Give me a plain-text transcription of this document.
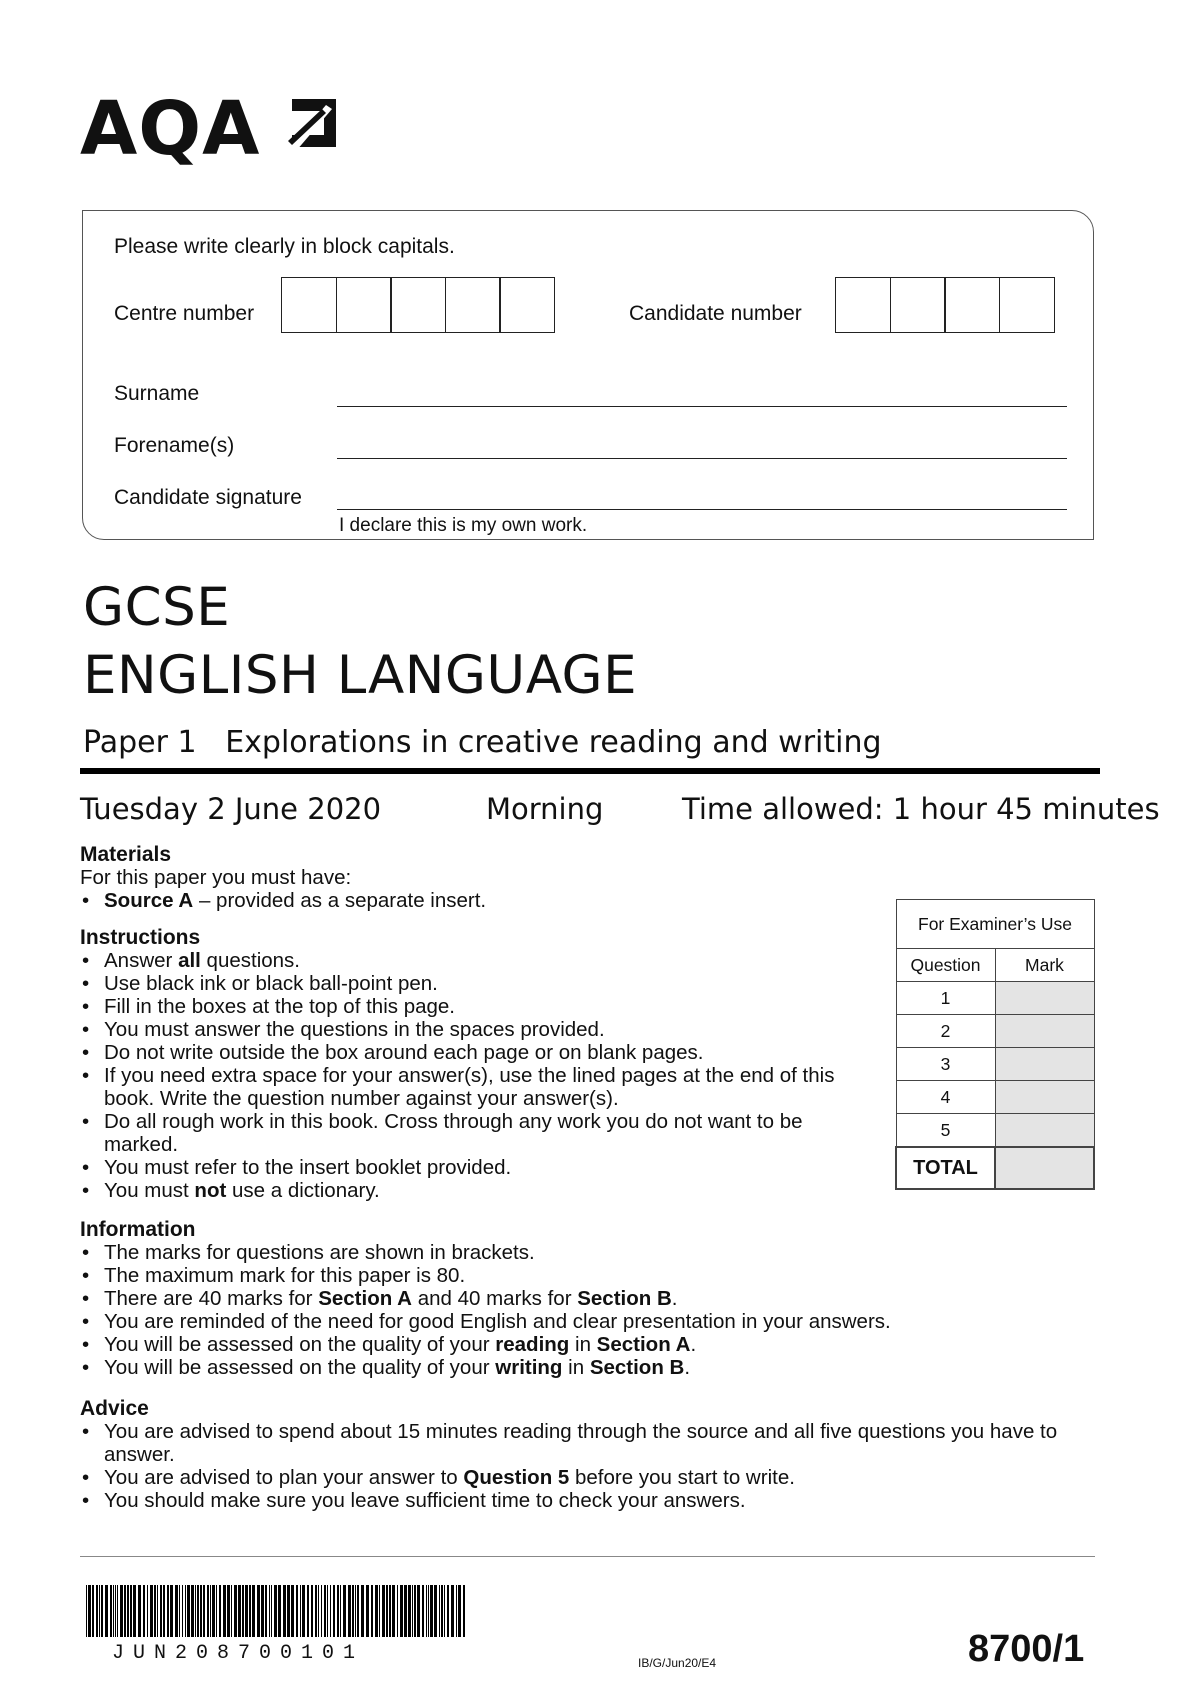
AQA
Please write clearly in block capitals.
Centre number	Candidate number
Surname
Forename(s)
Candidate signature
I declare this is my own work.
GCSE
ENGLISH LANGUAGE
Paper 1   Explorations in creative reading and writing
Tuesday 2 June 2020	Morning	Time allowed: 1 hour 45 minutes
Materials
For this paper you must have:
• Source A – provided as a separate insert.
Instructions
• Answer all questions.
• Use black ink or black ball-point pen.
• Fill in the boxes at the top of this page.
• You must answer the questions in the spaces provided.
• Do not write outside the box around each page or on blank pages.
• If you need extra space for your answer(s), use the lined pages at the end of this book. Write the question number against your answer(s).
• Do all rough work in this book. Cross through any work you do not want to be marked.
• You must refer to the insert booklet provided.
• You must not use a dictionary.
Information
• The marks for questions are shown in brackets.
• The maximum mark for this paper is 80.
• There are 40 marks for Section A and 40 marks for Section B.
• You are reminded of the need for good English and clear presentation in your answers.
• You will be assessed on the quality of your reading in Section A.
• You will be assessed on the quality of your writing in Section B.
Advice
• You are advised to spend about 15 minutes reading through the source and all five questions you have to answer.
• You are advised to plan your answer to Question 5 before you start to write.
• You should make sure you leave sufficient time to check your answers.
For Examiner’s Use	
Question	Mark
1	
2	
3	
4	
5	
TOTAL	
JUN208700101	IB/G/Jun20/E4	8700/1
